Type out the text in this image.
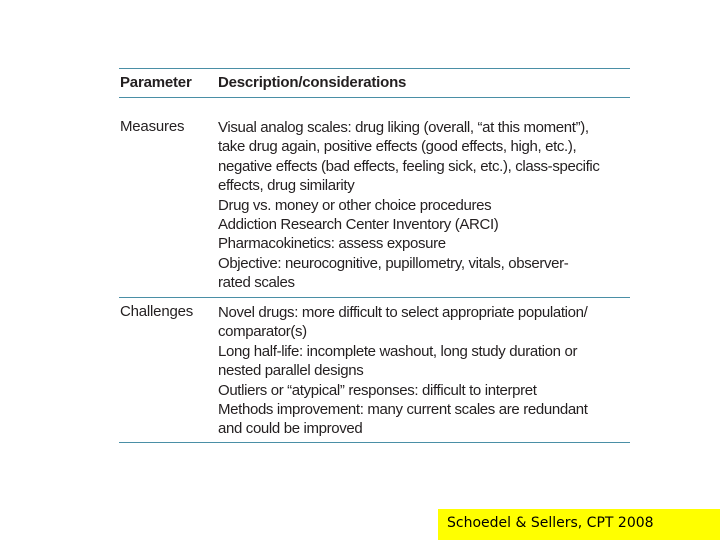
Parameter Description/considerations
Measures Visual analog scales: drug liking (overall, “at this moment”),
take drug again, positive effects (good effects, high, etc.),
negative effects (bad effects, feeling sick, etc.), class-specific
effects, drug similarity
Drug vs. money or other choice procedures
Addiction Research Center Inventory (ARCI)
Pharmacokinetics: assess exposure
Objective: neurocognitive, pupillometry, vitals, observer-
rated scales
Challenges Novel drugs: more difficult to select appropriate population/
comparator(s)
Long half-life: incomplete washout, long study duration or
nested parallel designs
Outliers or “atypical” responses: difficult to interpret
Methods improvement: many current scales are redundant
and could be improved
Schoedel & Sellers, CPT 2008
